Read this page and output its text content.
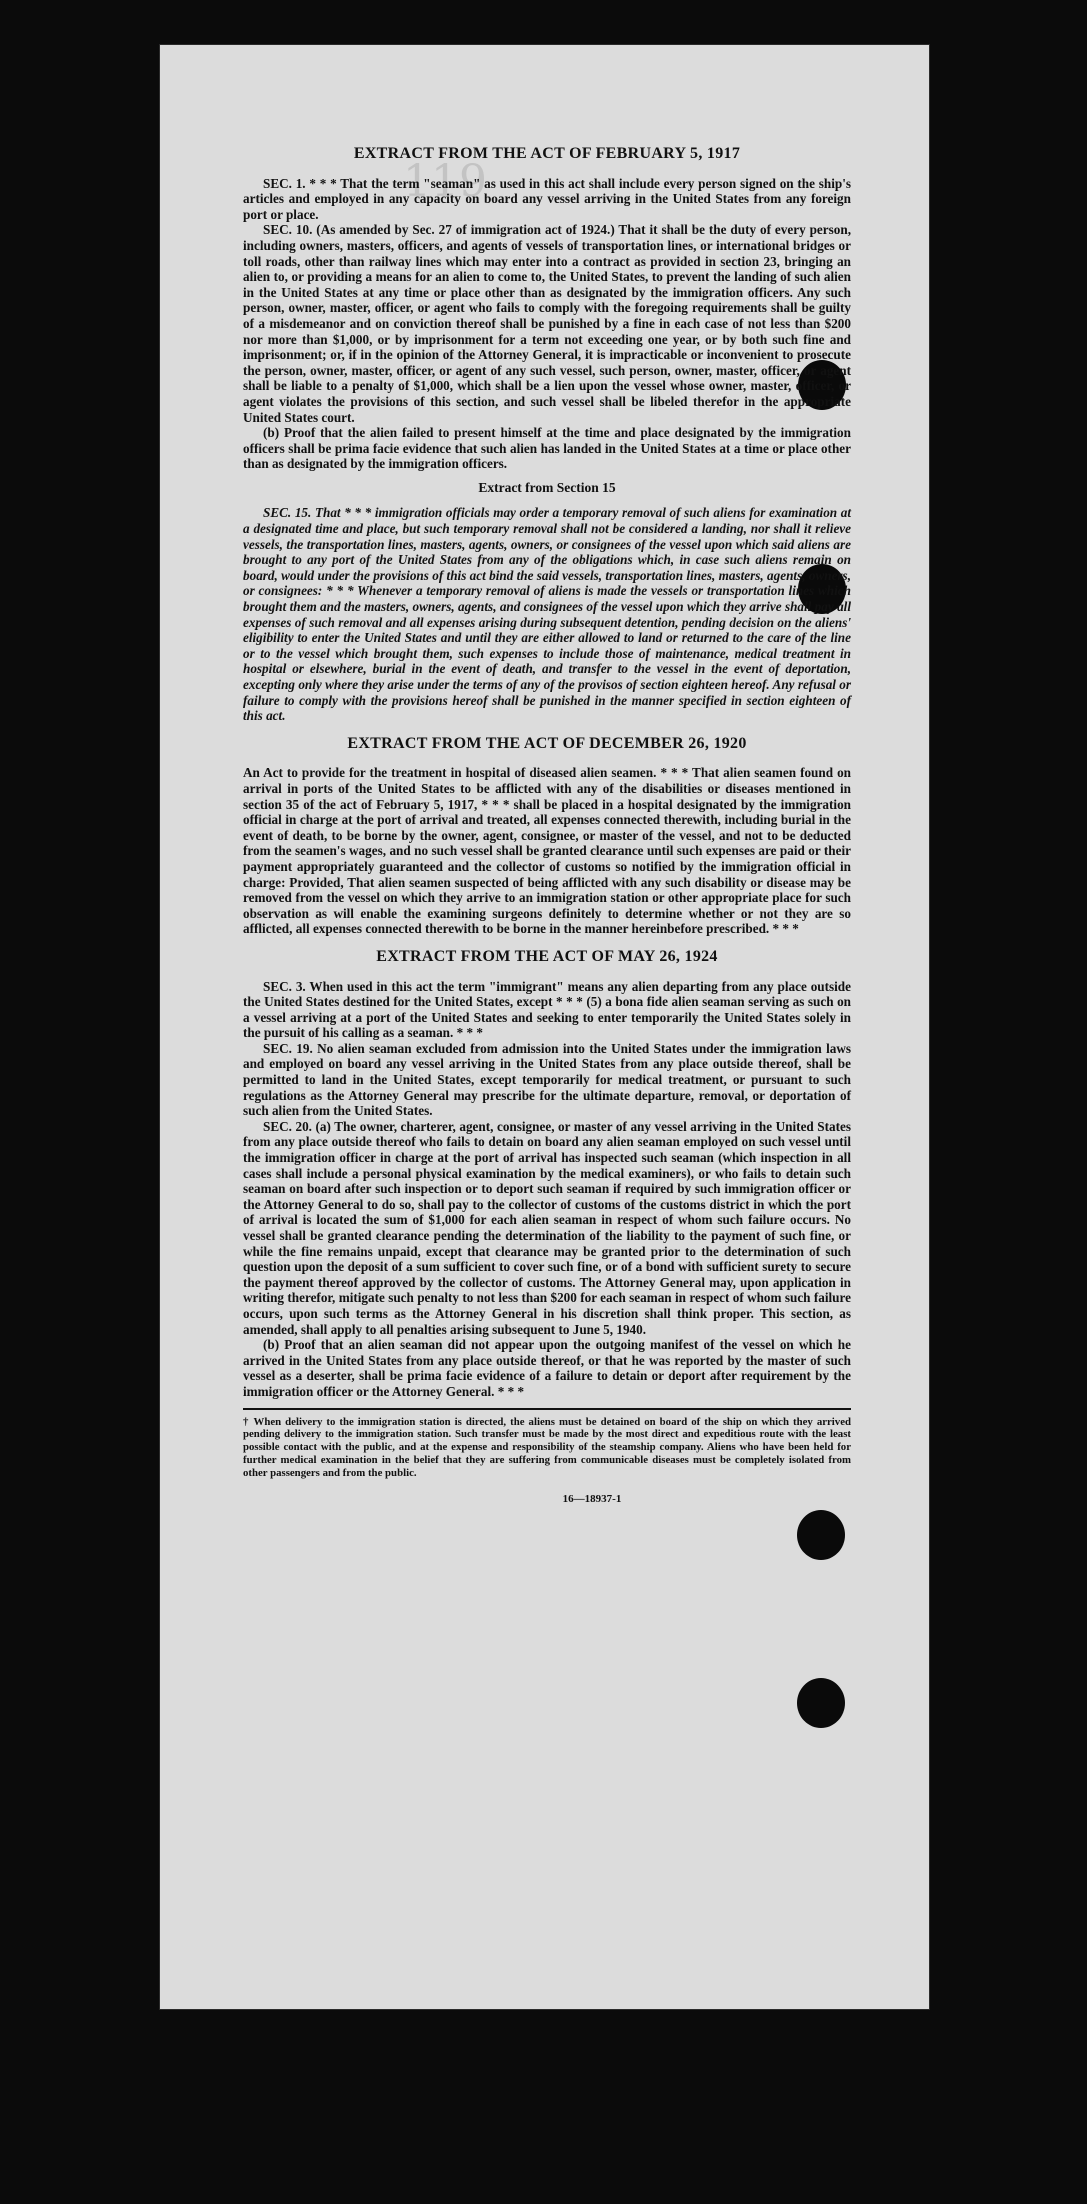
119
EXTRACT FROM THE ACT OF FEBRUARY 5, 1917

SEC. 1. * * * That the term "seaman" as used in this act shall include every person signed on the ship's articles and employed in any capacity on board any vessel arriving in the United States from any foreign port or place.

SEC. 10. (As amended by Sec. 27 of immigration act of 1924.) That it shall be the duty of every person, including owners, masters, officers, and agents of vessels of transportation lines, or international bridges or toll roads, other than railway lines which may enter into a contract as provided in section 23, bringing an alien to, or providing a means for an alien to come to, the United States, to prevent the landing of such alien in the United States at any time or place other than as designated by the immigration officers. Any such person, owner, master, officer, or agent who fails to comply with the foregoing requirements shall be guilty of a misdemeanor and on conviction thereof shall be punished by a fine in each case of not less than $200 nor more than $1,000, or by imprisonment for a term not exceeding one year, or by both such fine and imprisonment; or, if in the opinion of the Attorney General, it is impracticable or inconvenient to prosecute the person, owner, master, officer, or agent of any such vessel, such person, owner, master, officer, or agent shall be liable to a penalty of $1,000, which shall be a lien upon the vessel whose owner, master, officer, or agent violates the provisions of this section, and such vessel shall be libeled therefor in the appropriate United States court.

(b) Proof that the alien failed to present himself at the time and place designated by the immigration officers shall be prima facie evidence that such alien has landed in the United States at a time or place other than as designated by the immigration officers.

Extract from Section 15

SEC. 15. That * * * immigration officials may order a temporary removal of such aliens for examination at a designated time and place, but such temporary removal shall not be considered a landing, nor shall it relieve vessels, the transportation lines, masters, agents, owners, or consignees of the vessel upon which said aliens are brought to any port of the United States from any of the obligations which, in case such aliens remain on board, would under the provisions of this act bind the said vessels, transportation lines, masters, agents, owners, or consignees: * * * Whenever a temporary removal of aliens is made the vessels or transportation lines which brought them and the masters, owners, agents, and consignees of the vessel upon which they arrive shall pay all expenses of such removal and all expenses arising during subsequent detention, pending decision on the aliens' eligibility to enter the United States and until they are either allowed to land or returned to the care of the line or to the vessel which brought them, such expenses to include those of maintenance, medical treatment in hospital or elsewhere, burial in the event of death, and transfer to the vessel in the event of deportation, excepting only where they arise under the terms of any of the provisos of section eighteen hereof. Any refusal or failure to comply with the provisions hereof shall be punished in the manner specified in section eighteen of this act.

EXTRACT FROM THE ACT OF DECEMBER 26, 1920

An Act to provide for the treatment in hospital of diseased alien seamen. * * * That alien seamen found on arrival in ports of the United States to be afflicted with any of the disabilities or diseases mentioned in section 35 of the act of February 5, 1917, * * * shall be placed in a hospital designated by the immigration official in charge at the port of arrival and treated, all expenses connected therewith, including burial in the event of death, to be borne by the owner, agent, consignee, or master of the vessel, and not to be deducted from the seamen's wages, and no such vessel shall be granted clearance until such expenses are paid or their payment appropriately guaranteed and the collector of customs so notified by the immigration official in charge: Provided, That alien seamen suspected of being afflicted with any such disability or disease may be removed from the vessel on which they arrive to an immigration station or other appropriate place for such observation as will enable the examining surgeons definitely to determine whether or not they are so afflicted, all expenses connected therewith to be borne in the manner hereinbefore prescribed. * * *

EXTRACT FROM THE ACT OF MAY 26, 1924

SEC. 3. When used in this act the term "immigrant" means any alien departing from any place outside the United States destined for the United States, except * * * (5) a bona fide alien seaman serving as such on a vessel arriving at a port of the United States and seeking to enter temporarily the United States solely in the pursuit of his calling as a seaman. * * *

SEC. 19. No alien seaman excluded from admission into the United States under the immigration laws and employed on board any vessel arriving in the United States from any place outside thereof, shall be permitted to land in the United States, except temporarily for medical treatment, or pursuant to such regulations as the Attorney General may prescribe for the ultimate departure, removal, or deportation of such alien from the United States.

SEC. 20. (a) The owner, charterer, agent, consignee, or master of any vessel arriving in the United States from any place outside thereof who fails to detain on board any alien seaman employed on such vessel until the immigration officer in charge at the port of arrival has inspected such seaman (which inspection in all cases shall include a personal physical examination by the medical examiners), or who fails to detain such seaman on board after such inspection or to deport such seaman if required by such immigration officer or the Attorney General to do so, shall pay to the collector of customs of the customs district in which the port of arrival is located the sum of $1,000 for each alien seaman in respect of whom such failure occurs. No vessel shall be granted clearance pending the determination of the liability to the payment of such fine, or while the fine remains unpaid, except that clearance may be granted prior to the determination of such question upon the deposit of a sum sufficient to cover such fine, or of a bond with sufficient surety to secure the payment thereof approved by the collector of customs. The Attorney General may, upon application in writing therefor, mitigate such penalty to not less than $200 for each seaman in respect of whom such failure occurs, upon such terms as the Attorney General in his discretion shall think proper. This section, as amended, shall apply to all penalties arising subsequent to June 5, 1940.

(b) Proof that an alien seaman did not appear upon the outgoing manifest of the vessel on which he arrived in the United States from any place outside thereof, or that he was reported by the master of such vessel as a deserter, shall be prima facie evidence of a failure to detain or deport after requirement by the immigration officer or the Attorney General. * * *

† When delivery to the immigration station is directed, the aliens must be detained on board of the ship on which they arrived pending delivery to the immigration station. Such transfer must be made by the most direct and expeditious route with the least possible contact with the public, and at the expense and responsibility of the steamship company. Aliens who have been held for further medical examination in the belief that they are suffering from communicable diseases must be completely isolated from other passengers and from the public.

16—18937-1
